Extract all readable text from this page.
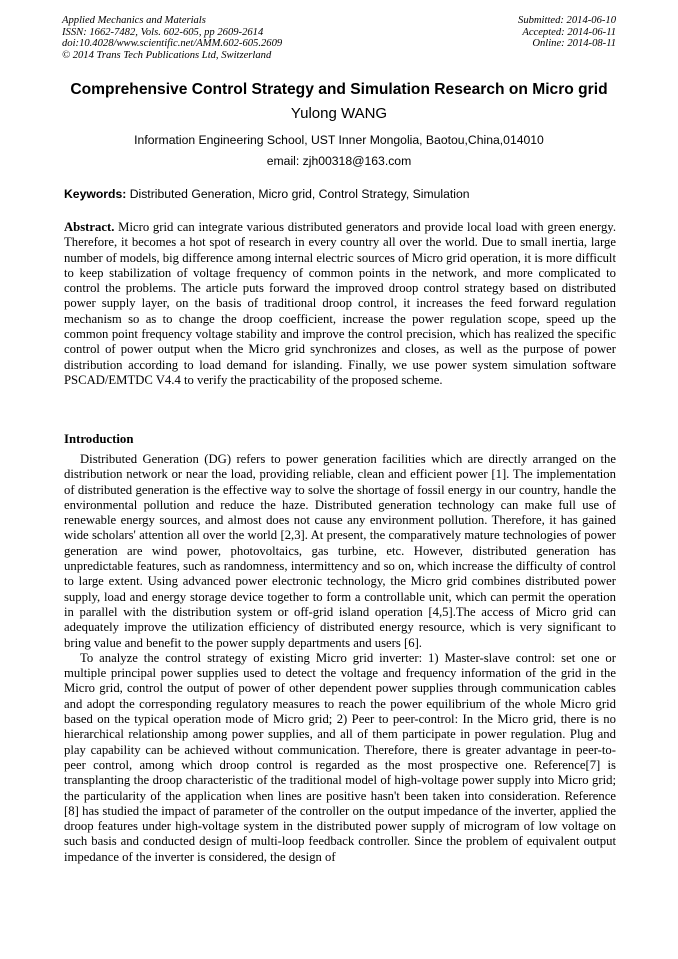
Applied Mechanics and Materials
ISSN: 1662-7482, Vols. 602-605, pp 2609-2614
doi:10.4028/www.scientific.net/AMM.602-605.2609
© 2014 Trans Tech Publications Ltd, Switzerland
Submitted: 2014-06-10
Accepted: 2014-06-11
Online: 2014-08-11
Comprehensive Control Strategy and Simulation Research on Micro grid
Yulong WANG
Information Engineering School, UST Inner Mongolia, Baotou,China,014010
email: zjh00318@163.com
Keywords: Distributed Generation, Micro grid, Control Strategy, Simulation
Abstract. Micro grid can integrate various distributed generators and provide local load with green energy. Therefore, it becomes a hot spot of research in every country all over the world. Due to small inertia, large number of models, big difference among internal electric sources of Micro grid operation, it is more difficult to keep stabilization of voltage frequency of common points in the network, and more complicated to control the problems. The article puts forward the improved droop control strategy based on distributed power supply layer, on the basis of traditional droop control, it increases the feed forward regulation mechanism so as to change the droop coefficient, increase the power regulation scope, speed up the common point frequency voltage stability and improve the control precision, which has realized the specific control of power output when the Micro grid synchronizes and closes, as well as the purpose of power distribution according to load demand for islanding. Finally, we use power system simulation software PSCAD/EMTDC V4.4 to verify the practicability of the proposed scheme.
Introduction

Distributed Generation (DG) refers to power generation facilities which are directly arranged on the distribution network or near the load, providing reliable, clean and efficient power [1]. The implementation of distributed generation is the effective way to solve the shortage of fossil energy in our country, handle the environmental pollution and reduce the haze. Distributed generation technology can make full use of renewable energy sources, and almost does not cause any environment pollution. Therefore, it has gained wide scholars' attention all over the world [2,3]. At present, the comparatively mature technologies of power generation are wind power, photovoltaics, gas turbine, etc. However, distributed generation has unpredictable features, such as randomness, intermittency and so on, which increase the difficulty of control to large extent. Using advanced power electronic technology, the Micro grid combines distributed power supply, load and energy storage device together to form a controllable unit, which can permit the operation in parallel with the distribution system or off-grid island operation [4,5].The access of Micro grid can adequately improve the utilization efficiency of distributed energy resource, which is very significant to bring value and benefit to the power supply departments and users [6].

To analyze the control strategy of existing Micro grid inverter: 1) Master-slave control: set one or multiple principal power supplies used to detect the voltage and frequency information of the grid in the Micro grid, control the output of power of other dependent power supplies through communication cables and adopt the corresponding regulatory measures to reach the power equilibrium of the whole Micro grid based on the typical operation mode of Micro grid; 2) Peer to peer-control: In the Micro grid, there is no hierarchical relationship among power supplies, and all of them participate in power regulation. Plug and play capability can be achieved without communication. Therefore, there is greater advantage in peer-to-peer control, among which droop control is regarded as the most prospective one. Reference[7] is transplanting the droop characteristic of the traditional model of high-voltage power supply into Micro grid; the particularity of the application when lines are positive hasn't been taken into consideration. Reference [8] has studied the impact of parameter of the controller on the output impedance of the inverter, applied the droop features under high-voltage system in the distributed power supply of microgram of low voltage on such basis and conducted design of multi-loop feedback controller. Since the problem of equivalent output impedance of the inverter is considered, the design of
